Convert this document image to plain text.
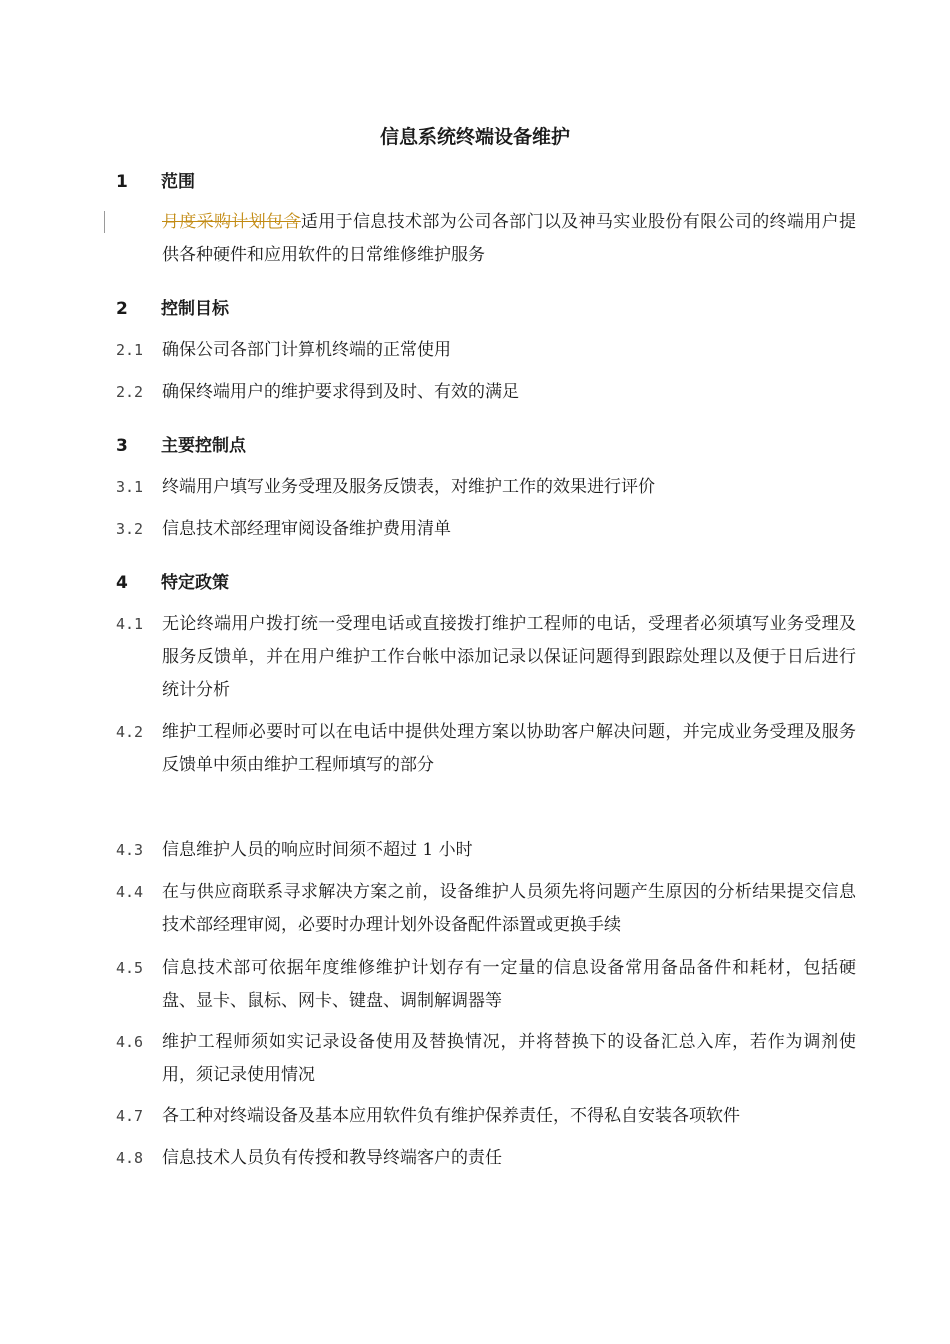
信息系统终端设备维护
1 范围
月度采购计划包含适用于信息技术部为公司各部门以及神马实业股份有限公司的终端用户提供各种硬件和应用软件的日常维修维护服务
2 控制目标
2.1	确保公司各部门计算机终端的正常使用
2.2	确保终端用户的维护要求得到及时、有效的满足
3 主要控制点
3.1	终端用户填写业务受理及服务反馈表，对维护工作的效果进行评价
3.2	信息技术部经理审阅设备维护费用清单
4 特定政策
4.1	无论终端用户拨打统一受理电话或直接拨打维护工程师的电话，受理者必须填写业务受理及服务反馈单，并在用户维护工作台帐中添加记录以保证问题得到跟踪处理以及便于日后进行统计分析
4.2	维护工程师必要时可以在电话中提供处理方案以协助客户解决问题，并完成业务受理及服务反馈单中须由维护工程师填写的部分
4.3	信息维护人员的响应时间须不超过 1 小时
4.4	在与供应商联系寻求解决方案之前，设备维护人员须先将问题产生原因的分析结果提交信息技术部经理审阅，必要时办理计划外设备配件添置或更换手续
4.5	信息技术部可依据年度维修维护计划存有一定量的信息设备常用备品备件和耗材，包括硬盘、显卡、鼠标、网卡、键盘、调制解调器等
4.6	维护工程师须如实记录设备使用及替换情况，并将替换下的设备汇总入库，若作为调剂使用，须记录使用情况
4.7	各工种对终端设备及基本应用软件负有维护保养责任，不得私自安装各项软件
4.8	信息技术人员负有传授和教导终端客户的责任
